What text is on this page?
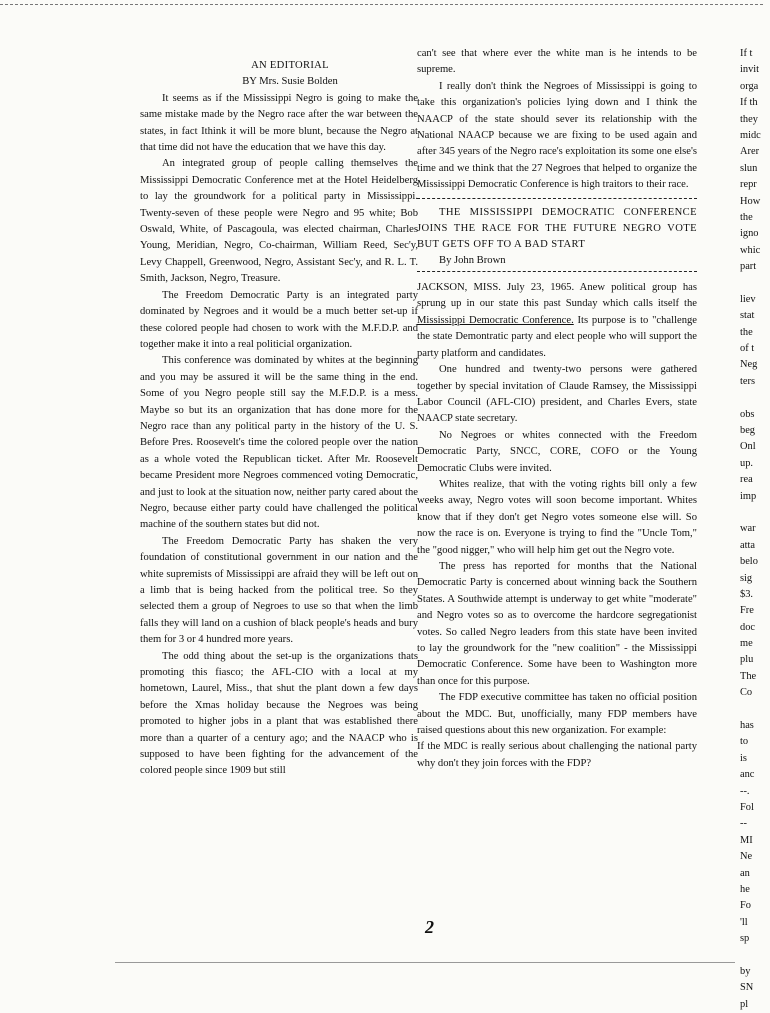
AN EDITORIAL

BY Mrs. Susie Bolden

It seems as if the Mississippi Negro is going to make the same mistake made by the Negro race after the war between the states, in fact Ithink it will be more blunt, because the Negro at that time did not have the education that we have this day.

An integrated group of people calling themselves the Mississippi Democratic Conference met at the Hotel Heidelberg to lay the groundwork for a political party in Mississippi. Twenty-seven of these people were Negro and 95 white; Bob Oswald, White, of Pascagoula, was elected chairman, Charles Young, Meridian, Negro, Co-chairman, William Reed, Sec'y, Levy Chappell, Greenwood, Negro, Assistant Sec'y, and R. L. T. Smith, Jackson, Negro, Treasure.

The Freedom Democratic Party is an integrated party dominated by Negroes and it would be a much better set-up if these colored people had chosen to work with the M.F.D.P. and together make it into a real politicial organization.

This conference was dominated by whites at the beginning and you may be assured it will be the same thing in the end. Some of you Negro people still say the M.F.D.P. is a mess. Maybe so but its an organization that has done more for the Negro race than any political party in the history of the U. S. Before Pres. Roosevelt's time the colored people over the nation as a whole voted the Republican ticket. After Mr. Roosevelt became President more Negroes commenced voting Democratic, and just to look at the situation now, neither party cared about the Negro, because either party could have challenged the political machine of the southern states but did not.

The Freedom Democratic Party has shaken the very foundation of constitutional government in our nation and the white supremists of Mississippi are afraid they will be left out on a limb that is being hacked from the political tree. So they selected them a group of Negroes to use so that when the limb falls they will land on a cushion of black people's heads and bury them for 3 or 4 hundred more years.

The odd thing about the set-up is the organizations thats promoting this fiasco; the AFL-CIO with a local at my hometown, Laurel, Miss., that shut the plant down a few days before the Xmas holiday because the Negroes was being promoted to higher jobs in a plant that was established there more than a quarter of a century ago; and the NAACP who is supposed to have been fighting for the advancement of the colored people since 1909 but still

can't see that where ever the white man is he intends to be supreme.

I really don't think the Negroes of Mississippi is going to take this organization's policies lying down and I think the NAACP of the state should sever its relationship with the National NAACP because we are fixing to be used again and after 345 years of the Negro race's exploitation its some one else's time and we think that the 27 Negroes that helped to organize the Mississippi Democratic Conference is high traitors to their race.

THE MISSISSIPPI DEMOCRATIC CONFERENCE JOINS THE RACE FOR THE FUTURE NEGRO VOTE BUT GETS OFF TO A BAD START

By John Brown

JACKSON, MISS. July 23, 1965. Anew political group has sprung up in our state this past Sunday which calls itself the Mississippi Democratic Conference. Its purpose is to "challenge the state Demontratic party and elect people who will support the party platform and candidates.

One hundred and twenty-two persons were gathered together by special invitation of Claude Ramsey, the Mississippi Labor Council (AFL-CIO) president, and Charles Evers, state NAACP state secretary.

No Negroes or whites connected with the Freedom Democratic Party, SNCC, CORE, COFO or the Young Democratic Clubs were invited.

Whites realize, that with the voting rights bill only a few weeks away, Negro votes will soon become important. Whites know that if they don't get Negro votes someone else will. So now the race is on. Everyone is trying to find the "Uncle Tom," the "good nigger," who will help him get out the Negro vote.

The press has reported for months that the National Democratic Party is concerned about winning back the Southern States. A Southwide attempt is underway to get white "moderate" and Negro votes so as to overcome the hardcore segregationist votes. So called Negro leaders from this state have been invited to lay the groundwork for the "new coalition" - the Mississippi Democratic Conference. Some have been to Washington more than once for this purpose.

The FDP executive committee has taken no official position about the MDC. But, unofficially, many FDP members have raised questions about this new organization. For example:

If the MDC is really serious about challenging the national party why don't they join forces with the FDP?

If t
invit
orga
If th
they
midc
Arer
slun
repr
How
the
igno
whic
part
liev
stat
the
of t
Neg
ters
obs
beg
Onl
up.
rea
imp
war
atta
belo
sig
$3.
Fre
doc
me
plu
The
Co
has
to
is
anc
--.
Fol
--
MI
Ne
an
he
Fo
'll
sp
by
SN
pl
2
